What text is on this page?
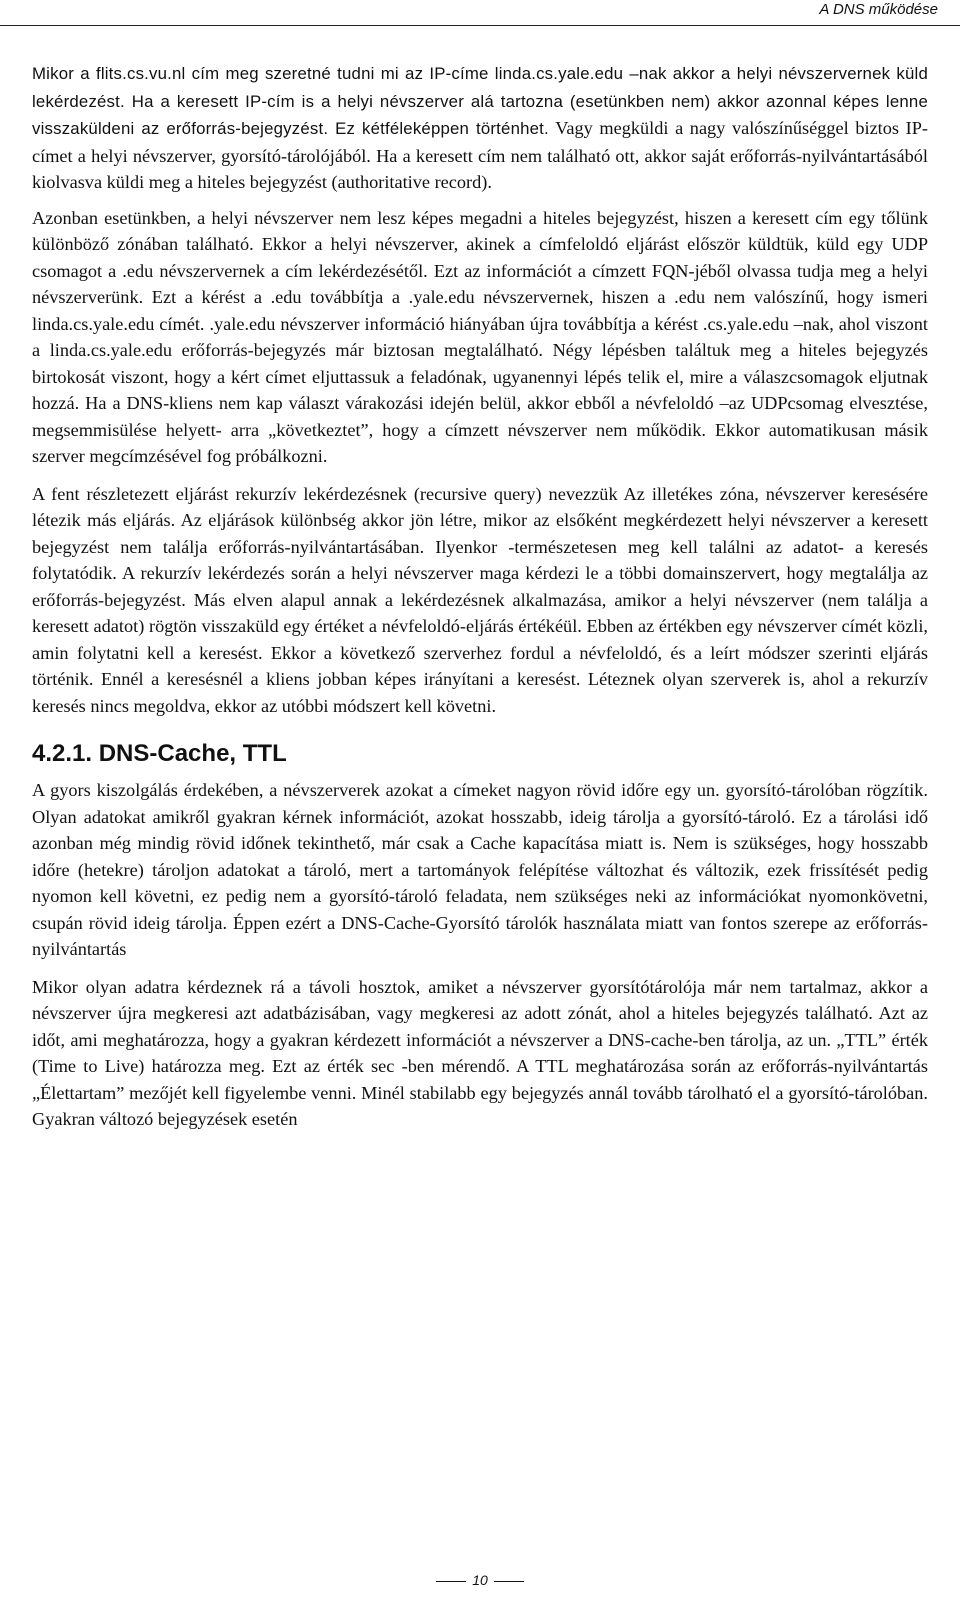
A DNS működése

Mikor a flits.cs.vu.nl cím meg szeretné tudni mi az IP-címe linda.cs.yale.edu –nak akkor a helyi névszervernek küld lekérdezést. Ha a keresett IP-cím is a helyi névszerver alá tartozna (esetünkben nem) akkor azonnal képes lenne visszaküldeni az erőforrás-bejegyzést. Ez kétféleképpen történhet. Vagy megküldi a nagy valószínűséggel biztos IP-címet a helyi névszerver, gyorsító-tárolójából. Ha a keresett cím nem található ott, akkor saját erőforrás-nyilvántartásából kiolvasva küldi meg a hiteles bejegyzést (authoritative record).

Azonban esetünkben, a helyi névszerver nem lesz képes megadni a hiteles bejegyzést, hiszen a keresett cím egy tőlünk különböző zónában található. Ekkor a helyi névszerver, akinek a címfeloldó eljárást először küldtük, küld egy UDP csomagot a .edu névszervernek a cím lekérdezésétől. Ezt az információt a címzett FQN-jéből olvassa tudja meg a helyi névszerverünk. Ezt a kérést a .edu továbbítja a .yale.edu névszervernek, hiszen a .edu nem valószínű, hogy ismeri linda.cs.yale.edu címét. .yale.edu névszerver információ hiányában újra továbbítja a kérést .cs.yale.edu –nak, ahol viszont a linda.cs.yale.edu erőforrás-bejegyzés már biztosan megtalálható. Négy lépésben találtuk meg a hiteles bejegyzés birtokosát viszont, hogy a kért címet eljuttassuk a feladónak, ugyanennyi lépés telik el, mire a válaszcsomagok eljutnak hozzá. Ha a DNS-kliens nem kap választ várakozási idején belül, akkor ebből a névfeloldó –az UDPcsomag elvesztése, megsemmisülése helyett- arra „következtet”, hogy a címzett névszerver nem működik. Ekkor automatikusan másik szerver megcímzésével fog próbálkozni.

A fent részletezett eljárást rekurzív lekérdezésnek (recursive query) nevezzük Az illetékes zóna, névszerver keresésére létezik más eljárás. Az eljárások különbség akkor jön létre, mikor az elsőként megkérdezett helyi névszerver a keresett bejegyzést nem találja erőforrás-nyilvántartásában. Ilyenkor -természetesen meg kell találni az adatot- a keresés folytatódik. A rekurzív lekérdezés során a helyi névszerver maga kérdezi le a többi domainszervert, hogy megtalálja az erőforrás-bejegyzést. Más elven alapul annak a lekérdezésnek alkalmazása, amikor a helyi névszerver (nem találja a keresett adatot) rögtön visszaküld egy értéket a névfeloldó-eljárás értékéül. Ebben az értékben egy névszerver címét közli, amin folytatni kell a keresést. Ekkor a következő szerverhez fordul a névfeloldó, és a leírt módszer szerinti eljárás történik. Ennél a keresésnél a kliens jobban képes irányítani a keresést. Léteznek olyan szerverek is, ahol a rekurzív keresés nincs megoldva, ekkor az utóbbi módszert kell követni.

4.2.1. DNS-Cache, TTL

A gyors kiszolgálás érdekében, a névszerverek azokat a címeket nagyon rövid időre egy un. gyorsító-tárolóban rögzítik. Olyan adatokat amikről gyakran kérnek információt, azokat hosszabb, ideig tárolja a gyorsító-tároló. Ez a tárolási idő azonban még mindig rövid időnek tekinthető, már csak a Cache kapacítása miatt is. Nem is szükséges, hogy hosszabb időre (hetekre) tároljon adatokat a tároló, mert a tartományok felépítése változhat és változik, ezek frissítését pedig nyomon kell követni, ez pedig nem a gyorsító-tároló feladata, nem szükséges neki az információkat nyomonkövetni, csupán rövid ideig tárolja. Éppen ezért a DNS-Cache-Gyorsító tárolók használata miatt van fontos szerepe az erőforrás-nyilvántartás

Mikor olyan adatra kérdeznek rá a távoli hosztok, amiket a névszerver gyorsítótárolója már nem tartalmaz, akkor a névszerver újra megkeresi azt adatbázisában, vagy megkeresi az adott zónát, ahol a hiteles bejegyzés található. Azt az időt, ami meghatározza, hogy a gyakran kérdezett információt a névszerver a DNS-cache-ben tárolja, az un. „TTL” érték (Time to Live) határozza meg. Ezt az érték sec -ben mérendő. A TTL meghatározása során az erőforrás-nyilvántartás „Élettartam” mezőjét kell figyelembe venni. Minél stabilabb egy bejegyzés annál tovább tárolható el a gyorsító-tárolóban. Gyakran változó bejegyzések esetén

10
